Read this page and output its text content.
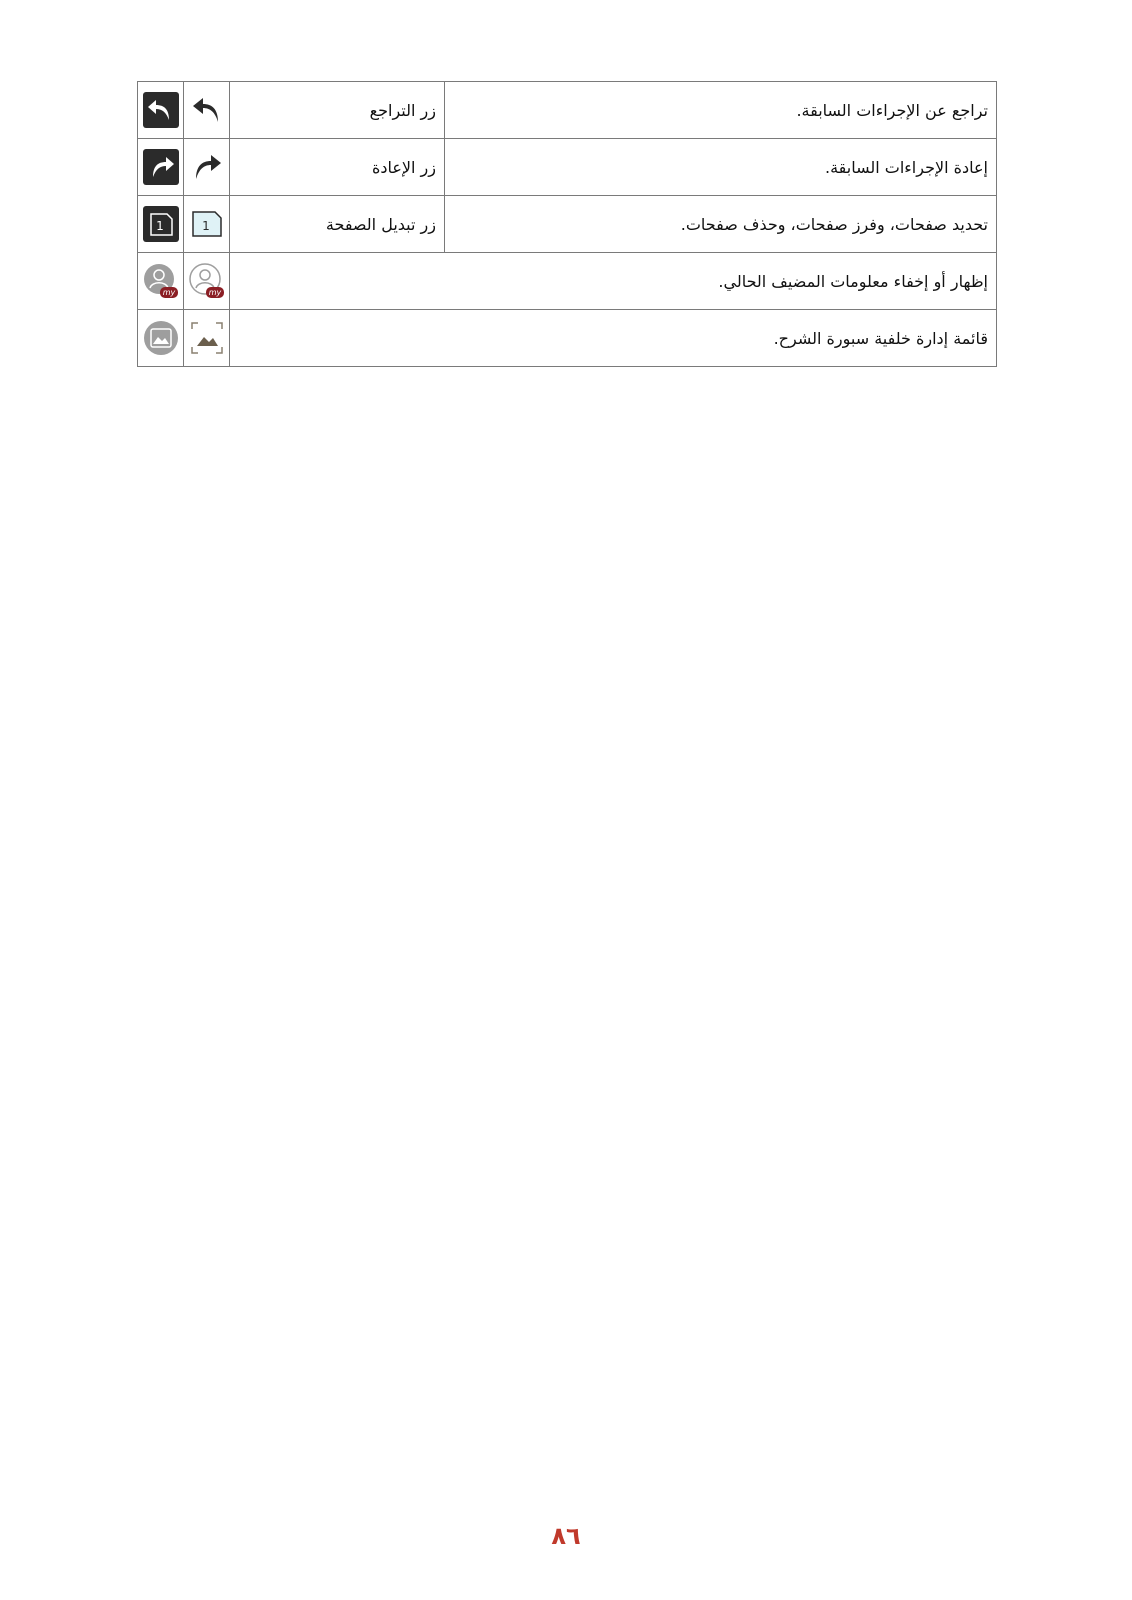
		زر التراجع	تراجع عن الإجراءات السابقة.
		زر الإعادة	إعادة الإجراءات السابقة.

1	1	زر تبديل الصفحة	تحديد صفحات، وفرز صفحات، وحذف صفحات.

my	my	إظهار أو إخفاء معلومات المضيف الحالي.	
		قائمة إدارة خلفية سبورة الشرح.	
٨٦
